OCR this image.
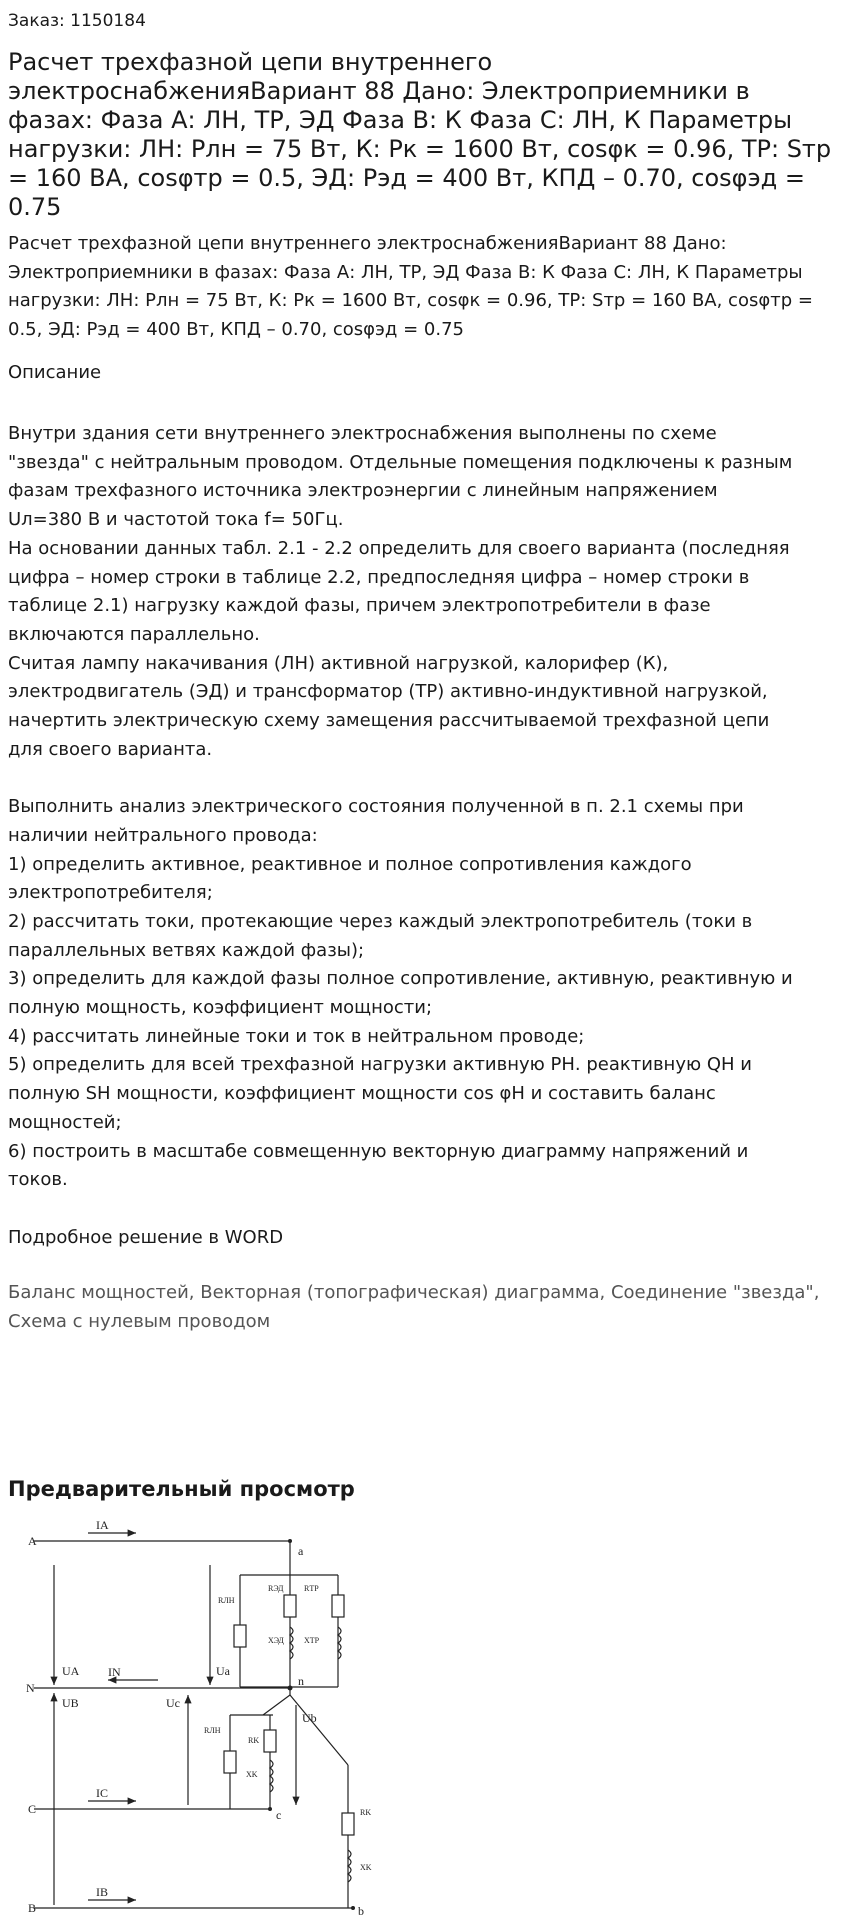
Заказ: 1150184
Расчет трехфазной цепи внутреннего электроснабженияВариант 88 Дано: Электроприемники в фазах: Фаза А: ЛН, ТР, ЭД Фаза В: К Фаза С: ЛН, К Параметры нагрузки: ЛН: Рлн = 75 Вт, К: Рк = 1600 Вт, cosφк = 0.96, ТР: Sтр = 160 ВА, cosφтр = 0.5, ЭД: Рэд = 400 Вт, КПД – 0.70, cosφэд = 0.75
Расчет трехфазной цепи внутреннего электроснабженияВариант 88 Дано: Электроприемники в фазах: Фаза А: ЛН, ТР, ЭД Фаза В: К Фаза С: ЛН, К Параметры нагрузки: ЛН: Рлн = 75 Вт, К: Рк = 1600 Вт, cosφк = 0.96, ТР: Sтр = 160 ВА, cosφтр = 0.5, ЭД: Рэд = 400 Вт, КПД – 0.70, cosφэд = 0.75
Описание
Внутри здания сети внутреннего электроснабжения выполнены по схеме
"звезда" с нейтральным проводом. Отдельные помещения подключены к разным
фазам трехфазного источника электроэнергии с линейным напряжением
Uл=380 В и частотой тока f= 50Гц.
На основании данных табл. 2.1 - 2.2 определить для своего варианта (последняя
цифра – номер строки в таблице 2.2, предпоследняя цифра – номер строки в
таблице 2.1) нагрузку каждой фазы, причем электропотребители в фазе
включаются параллельно.
Считая лампу накачивания (ЛН) активной нагрузкой, калорифер (К),
электродвигатель (ЭД) и трансформатор (ТР) активно-индуктивной нагрузкой,
начертить электрическую схему замещения рассчитываемой трехфазной цепи
для своего варианта.
Выполнить анализ электрического состояния полученной в п. 2.1 схемы при
наличии нейтрального провода:
1) определить активное, реактивное и полное сопротивления каждого
электропотребителя;
2) рассчитать токи, протекающие через каждый электропотребитель (токи в
параллельных ветвях каждой фазы);
3) определить для каждой фазы полное сопротивление, активную, реактивную и
полную мощность, коэффициент мощности;
4) рассчитать линейные токи и ток в нейтральном проводе;
5) определить для всей трехфазной нагрузки активную PН. реактивную QН и
полную SН мощности, коэффициент мощности cos φН и составить баланс
мощностей;
6) построить в масштабе совмещенную векторную диаграмму напряжений и
токов.
Подробное решение в WORD
Баланс мощностей, Векторная (топографическая) диаграмма, Соединение "звезда", Схема с нулевым проводом
Предварительный просмотр
A
N
C
B
a
n
c
b
IA
IN
IC
IB
UA	Ua
UB	Uc
Ub
RЛН
RЭД
XЭД
RТР
XТР
RЛН
RK
XK
RK
XK
